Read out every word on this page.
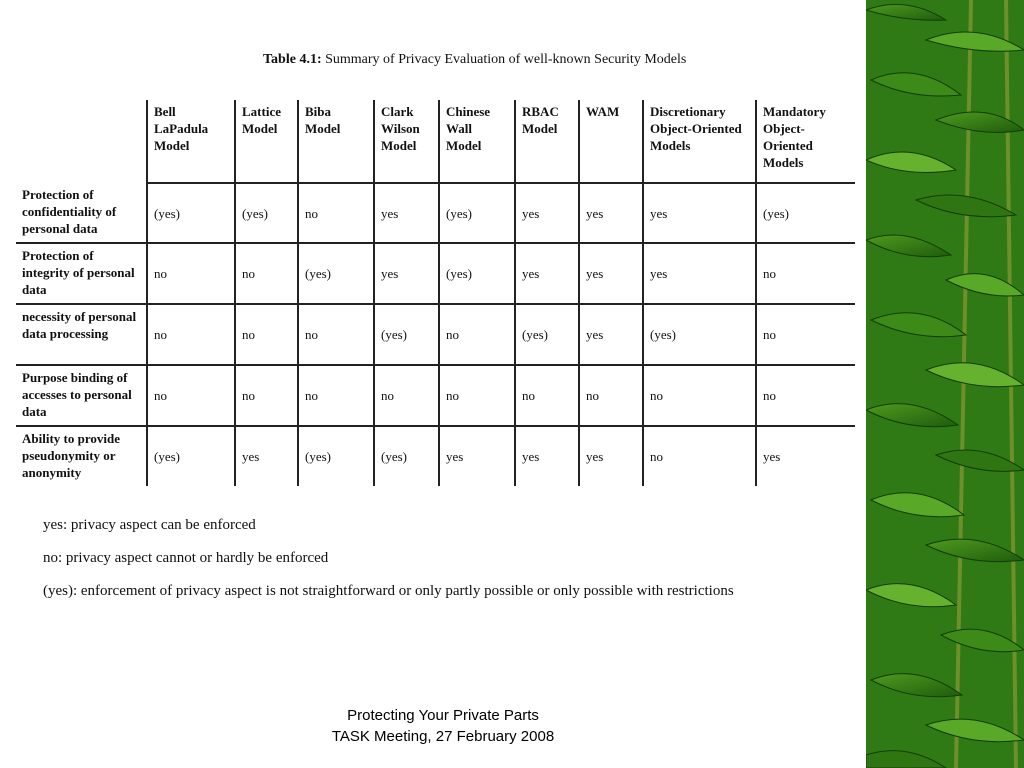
Table 4.1: Summary of Privacy Evaluation of well-known Security Models
	Bell LaPadula Model	Lattice Model	Biba Model	Clark Wilson Model	Chinese Wall Model	RBAC Model	WAM	Discretionary Object-Oriented Models	Mandatory Object-Oriented Models
Protection of confidentiality of personal data	(yes)	(yes)	no	yes	(yes)	yes	yes	yes	(yes)
Protection of integrity of personal data	no	no	(yes)	yes	(yes)	yes	yes	yes	no
necessity of personal data processing	no	no	no	(yes)	no	(yes)	yes	(yes)	no
Purpose binding of accesses to personal data	no	no	no	no	no	no	no	no	no
Ability to provide pseudonymity or anonymity	(yes)	yes	(yes)	(yes)	yes	yes	yes	no	yes
yes: privacy aspect can be enforced
no: privacy aspect cannot or hardly be enforced
(yes): enforcement of privacy aspect is not straightforward or only partly possible or only possible with restrictions
Protecting Your Private Parts
TASK Meeting, 27 February 2008
